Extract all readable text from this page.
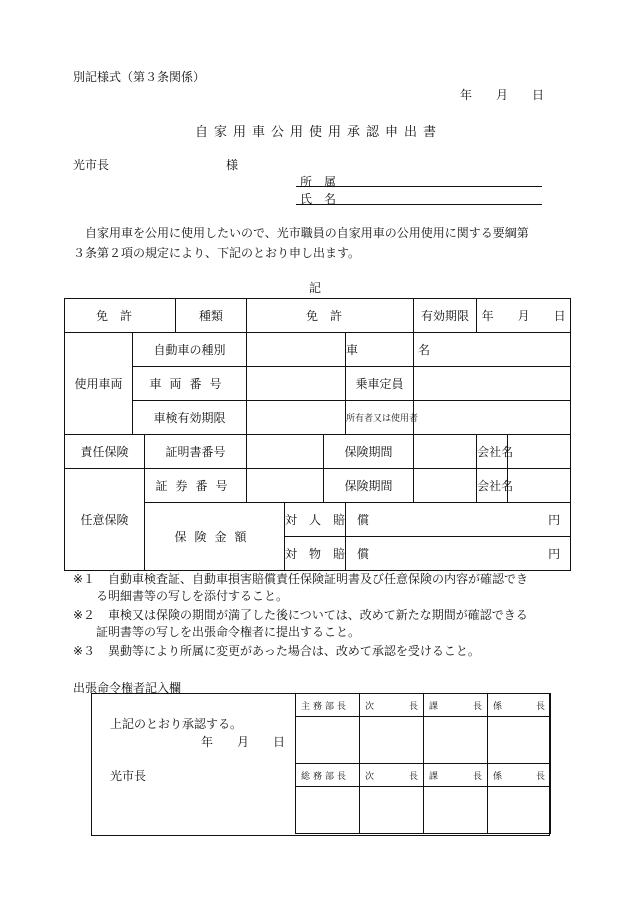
別記様式（第３条関係）
年　　月　　日
自家用車公用使用承認申出書
光市長	様
所　属
氏　名
　自家用車を公用に使用したいので、光市職員の自家用車の公用使用に関する要綱第
３条第２項の規定により、下記のとおり申し出ます。
記
免許			種類	免許				有効期限	年　　月　　日	
使用車両	自動車の種別						車　　名			
	車両番号						乗車定員			
	車検有効期限						所有者又は使用者			
責任保険		証明書番号				保険期間			会社名	
任意保険		証券番号				保険期間			会社名	
		保険金額			対人賠償		円			
					対物賠償		円			
※１ 自動車検査証、自動車損害賠償責任保険証明書及び任意保険の内容が確認でき
る明細書等の写しを添付すること。
※２ 車検又は保険の期間が満了した後については、改めて新たな期間が確認できる
証明書等の写しを出張命令権者に提出すること。
※３ 異動等により所属に変更があった場合は、改めて承認を受けること。
出張命令権者記入欄
上記のとおり承認する。
年　　月　　日
光市長
主務部長	次 長	課 長	係 長

総務部長	次 長	課 長	係 長
